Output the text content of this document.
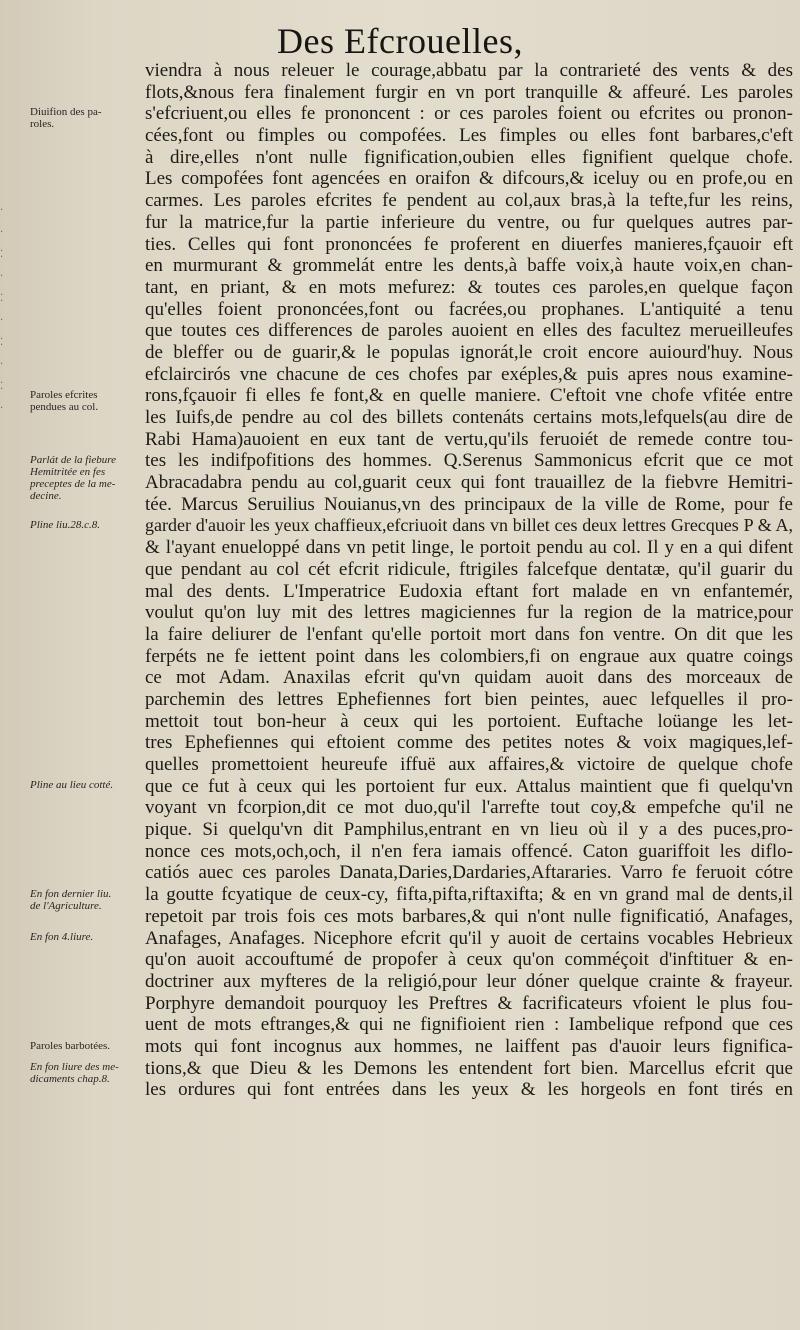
Des Efcrouelles,
·
·
⁚
·
⁚
·
⁚
·
⁚
·
Diuifion des pa-
roles.
Paroles efcrites
pendues au col.
Parlát de la fiebure
Hemitritée en fes
preceptes de la me-
decine.
Pline liu.28.c.8.
Pline au lieu cotté.
En fon dernier liu.
de l'Agriculture.
En fon 4.liure.
Paroles barbotées.
En fon liure des me-
dicaments chap.8.
viendra à nous releuer le courage,abbatu par la contrarieté des vents & des
flots,&nous fera finalement furgir en vn port tranquille & affeuré. Les paroles
s'efcriuent,ou elles fe prononcent : or ces paroles foient ou efcrites ou pronon-
cées,font ou fimples ou compofées. Les fimples ou elles font barbares,c'eft
à dire,elles n'ont nulle fignification,oubien elles fignifient quelque chofe.
Les compofées font agencées en oraifon & difcours,& iceluy ou en profe,ou en
carmes. Les paroles efcrites fe pendent au col,aux bras,à la tefte,fur les reins,
fur la matrice,fur la partie inferieure du ventre, ou fur quelques autres par-
ties. Celles qui font prononcées fe proferent en diuerfes manieres,fçauoir eft
en murmurant & grommelát entre les dents,à baffe voix,à haute voix,en chan-
tant, en priant, & en mots mefurez: & toutes ces paroles,en quelque façon
qu'elles foient prononcées,font ou facrées,ou prophanes. L'antiquité a tenu
que toutes ces differences de paroles auoient en elles des facultez merueilleufes
de bleffer ou de guarir,& le populas ignorát,le croit encore auiourd'huy. Nous
efclaircirós vne chacune de ces chofes par exéples,& puis apres nous examine-
rons,fçauoir fi elles fe font,& en quelle maniere. C'eftoit vne chofe vfitée entre
les Iuifs,de pendre au col des billets contenáts certains mots,lefquels(au dire de
Rabi Hama)auoient en eux tant de vertu,qu'ils feruoiét de remede contre tou-
tes les indifpofitions des hommes. Q.Serenus Sammonicus efcrit que ce mot
Abracadabra pendu au col,guarit ceux qui font trauaillez de la fiebvre Hemitri-
tée. Marcus Seruilius Nouianus,vn des principaux de la ville de Rome, pour fe
garder d'auoir les yeux chaffieux,efcriuoit dans vn billet ces deux lettres Grecques P & A,
& l'ayant enueloppé dans vn petit linge, le portoit pendu au col. Il y en a qui difent
que pendant au col cét efcrit ridicule, ftrigiles falcefque dentatæ, qu'il guarir du
mal des dents. L'Imperatrice Eudoxia eftant fort malade en vn enfantemér,
voulut qu'on luy mit des lettres magiciennes fur la region de la matrice,pour
la faire deliurer de l'enfant qu'elle portoit mort dans fon ventre. On dit que les
ferpéts ne fe iettent point dans les colombiers,fi on engraue aux quatre coings
ce mot Adam. Anaxilas efcrit qu'vn quidam auoit dans des morceaux de
parchemin des lettres Ephefiennes fort bien peintes, auec lefquelles il pro-
mettoit tout bon-heur à ceux qui les portoient. Euftache loüange les let-
tres Ephefiennes qui eftoient comme des petites notes & voix magiques,lef-
quelles promettoient heureufe iffuë aux affaires,& victoire de quelque chofe
que ce fut à ceux qui les portoient fur eux. Attalus maintient que fi quelqu'vn
voyant vn fcorpion,dit ce mot duo,qu'il l'arrefte tout coy,& empefche qu'il ne
pique. Si quelqu'vn dit Pamphilus,entrant en vn lieu où il y a des puces,pro-
nonce ces mots,och,och, il n'en fera iamais offencé. Caton guariffoit les diflo-
catiós auec ces paroles Danata,Daries,Dardaries,Aftararies. Varro fe feruoit cótre
la goutte fcyatique de ceux-cy, fifta,pifta,riftaxifta; & en vn grand mal de dents,il
repetoit par trois fois ces mots barbares,& qui n'ont nulle fignificatió, Anafages,
Anafages, Anafages. Nicephore efcrit qu'il y auoit de certains vocables Hebrieux
qu'on auoit accouftumé de propofer à ceux qu'on comméçoit d'inftituer & en-
doctriner aux myfteres de la religió,pour leur dóner quelque crainte & frayeur.
Porphyre demandoit pourquoy les Preftres & facrificateurs vfoient le plus fou-
uent de mots eftranges,& qui ne fignifioient rien : Iambelique refpond que ces
mots qui font incognus aux hommes, ne laiffent pas d'auoir leurs fignifica-
tions,& que Dieu & les Demons les entendent fort bien. Marcellus efcrit que
les ordures qui font entrées dans les yeux & les horgeols en font tirés en
